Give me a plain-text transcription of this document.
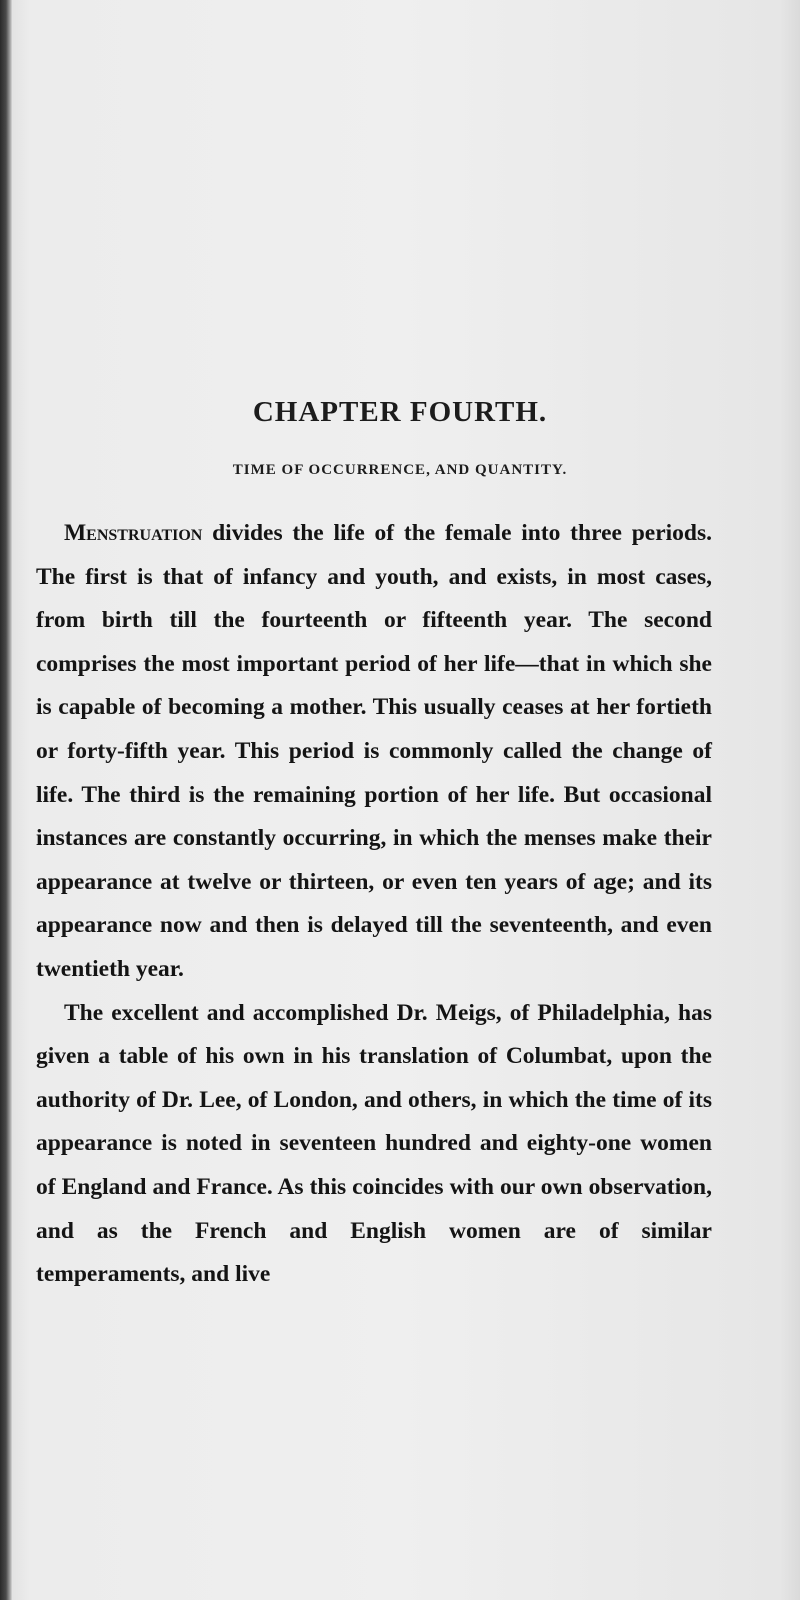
CHAPTER FOURTH.
TIME OF OCCURRENCE, AND QUANTITY.

Menstruation divides the life of the female into three periods. The first is that of infancy and youth, and exists, in most cases, from birth till the fourteenth or fifteenth year. The second comprises the most important period of her life—that in which she is capable of becoming a mother. This usually ceases at her fortieth or forty-fifth year. This period is commonly called the change of life. The third is the remaining portion of her life. But occasional instances are constantly occurring, in which the menses make their appearance at twelve or thirteen, or even ten years of age; and its appearance now and then is delayed till the seventeenth, and even twentieth year.

The excellent and accomplished Dr. Meigs, of Philadelphia, has given a table of his own in his translation of Columbat, upon the authority of Dr. Lee, of London, and others, in which the time of its appearance is noted in seventeen hundred and eighty-one women of England and France. As this coincides with our own observation, and as the French and English women are of similar temperaments, and live
